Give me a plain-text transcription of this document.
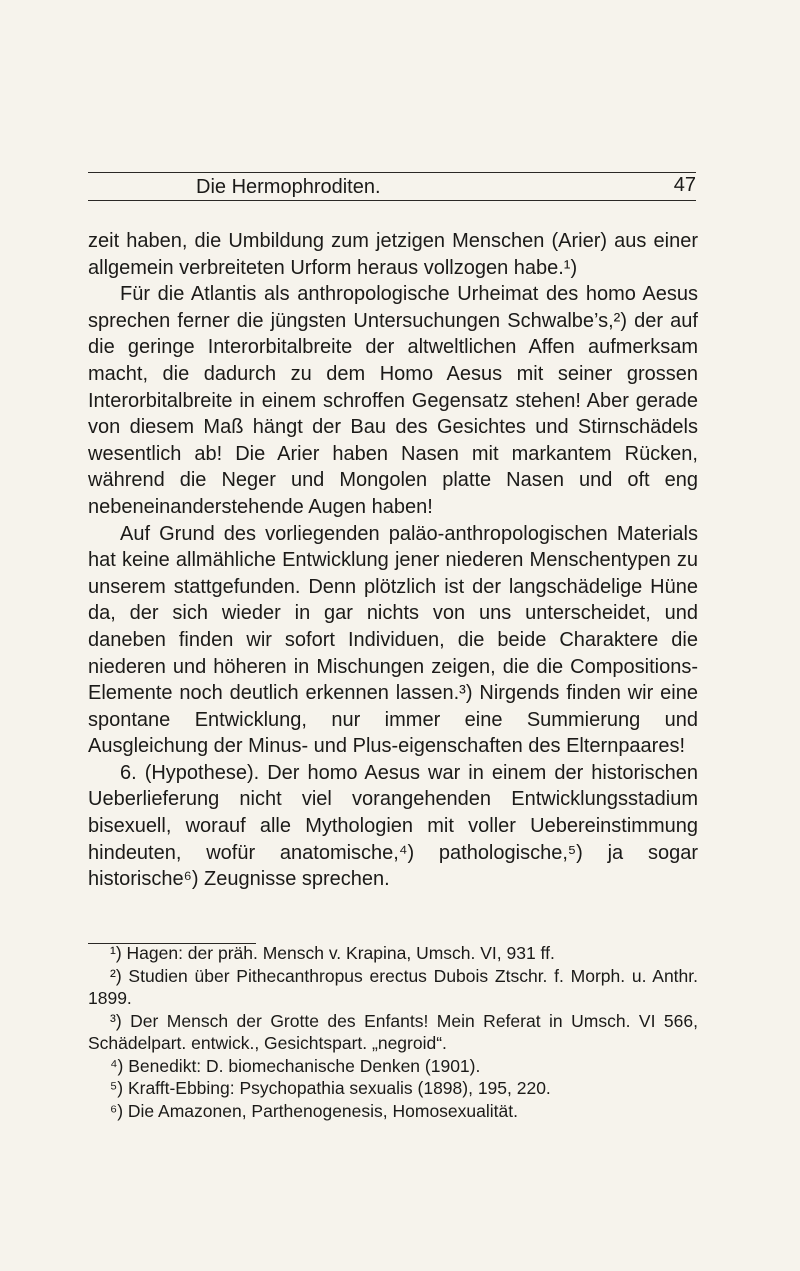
Die Hermophroditen.	47

zeit haben, die Umbildung zum jetzigen Menschen (Arier) aus einer allgemein verbreiteten Urform heraus vollzogen habe.¹)

Für die Atlantis als anthropologische Urheimat des homo Aesus sprechen ferner die jüngsten Untersuchungen Schwalbe’s,²) der auf die geringe Interorbitalbreite der altweltlichen Affen aufmerksam macht, die dadurch zu dem Homo Aesus mit seiner grossen Interorbitalbreite in einem schroffen Gegensatz stehen! Aber gerade von diesem Maß hängt der Bau des Gesichtes und Stirnschädels wesentlich ab! Die Arier haben Nasen mit markantem Rücken, während die Neger und Mongolen platte Nasen und oft eng nebeneinanderstehende Augen haben!

Auf Grund des vorliegenden paläo-anthropologischen Materials hat keine allmähliche Entwicklung jener niederen Menschentypen zu unserem stattgefunden. Denn plötzlich ist der langschädelige Hüne da, der sich wieder in gar nichts von uns unterscheidet, und daneben finden wir sofort Individuen, die beide Charaktere die niederen und höheren in Mischungen zeigen, die die Compositions-Elemente noch deutlich erkennen lassen.³) Nirgends finden wir eine spontane Entwicklung, nur immer eine Summierung und Ausgleichung der Minus- und Plus-eigenschaften des Elternpaares!

6. (Hypothese). Der homo Aesus war in einem der historischen Ueberlieferung nicht viel vorangehenden Entwicklungsstadium bisexuell, worauf alle Mythologien mit voller Uebereinstimmung hindeuten, wofür anatomische,⁴) pathologische,⁵) ja sogar historische⁶) Zeugnisse sprechen.

¹) Hagen: der präh. Mensch v. Krapina, Umsch. VI, 931 ff.

²) Studien über Pithecanthropus erectus Dubois Ztschr. f. Morph. u. Anthr. 1899.

³) Der Mensch der Grotte des Enfants! Mein Referat in Umsch. VI 566, Schädelpart. entwick., Gesichtspart. „negroid“.

⁴) Benedikt: D. biomechanische Denken (1901).

⁵) Krafft-Ebbing: Psychopathia sexualis (1898), 195, 220.

⁶) Die Amazonen, Parthenogenesis, Homosexualität.
